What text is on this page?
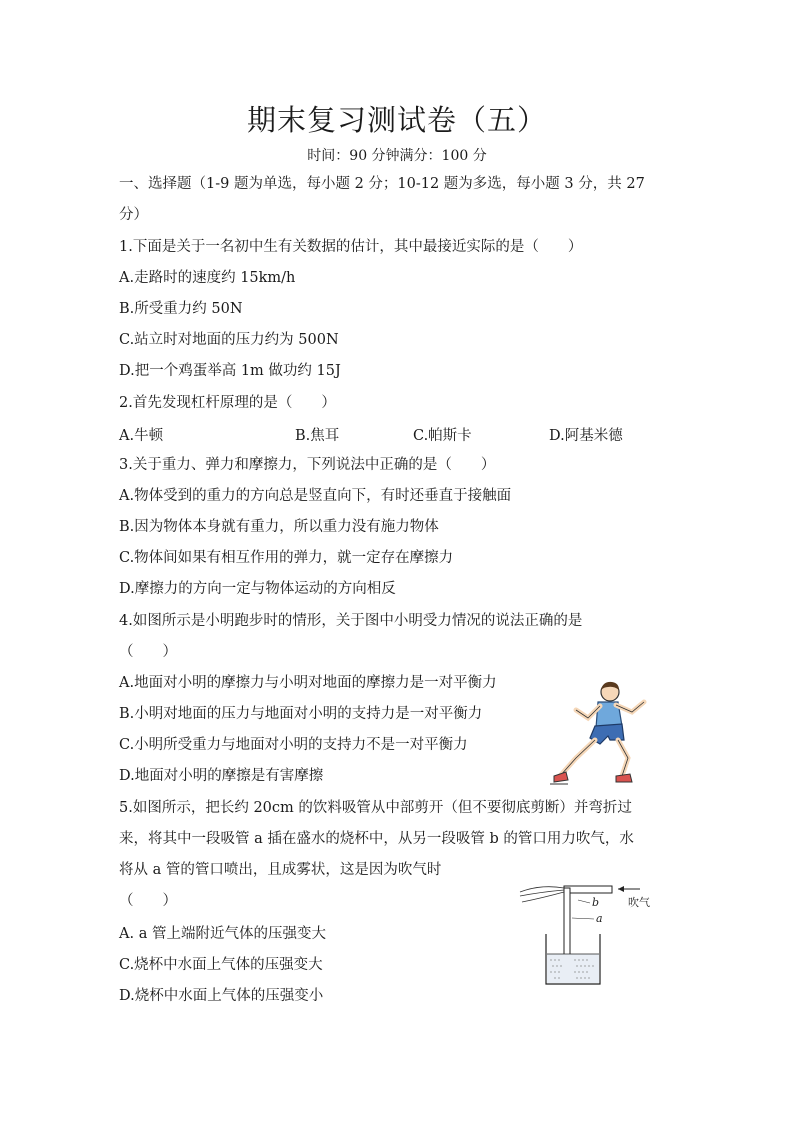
期末复习测试卷（五）
时间：90 分钟满分：100 分
一、选择题（1-9 题为单选，每小题 2 分；10-12 题为多选，每小题 3 分，共 27
分）
1.下面是关于一名初中生有关数据的估计，其中最接近实际的是（　　）
A.走路时的速度约 15km/h
B.所受重力约 50N
C.站立时对地面的压力约为 500N
D.把一个鸡蛋举高 1m 做功约 15J
2.首先发现杠杆原理的是（　　）
A.牛顿	B.焦耳	C.帕斯卡	D.阿基米德
3.关于重力、弹力和摩擦力，下列说法中正确的是（　　）
A.物体受到的重力的方向总是竖直向下，有时还垂直于接触面
B.因为物体本身就有重力，所以重力没有施力物体
C.物体间如果有相互作用的弹力，就一定存在摩擦力
D.摩擦力的方向一定与物体运动的方向相反
4.如图所示是小明跑步时的情形，关于图中小明受力情况的说法正确的是
（　　）
A.地面对小明的摩擦力与小明对地面的摩擦力是一对平衡力
B.小明对地面的压力与地面对小明的支持力是一对平衡力
C.小明所受重力与地面对小明的支持力不是一对平衡力
D.地面对小明的摩擦是有害摩擦
5.如图所示，把长约 20cm 的饮料吸管从中部剪开（但不要彻底剪断）并弯折过
来，将其中一段吸管 a 插在盛水的烧杯中，从另一段吸管 b 的管口用力吹气，水
将从 a 管的管口喷出，且成雾状，这是因为吹气时
（　　）
A. a 管上端附近气体的压强变大
C.烧杯中水面上气体的压强变大
D.烧杯中水面上气体的压强变小
吹气
b
a
